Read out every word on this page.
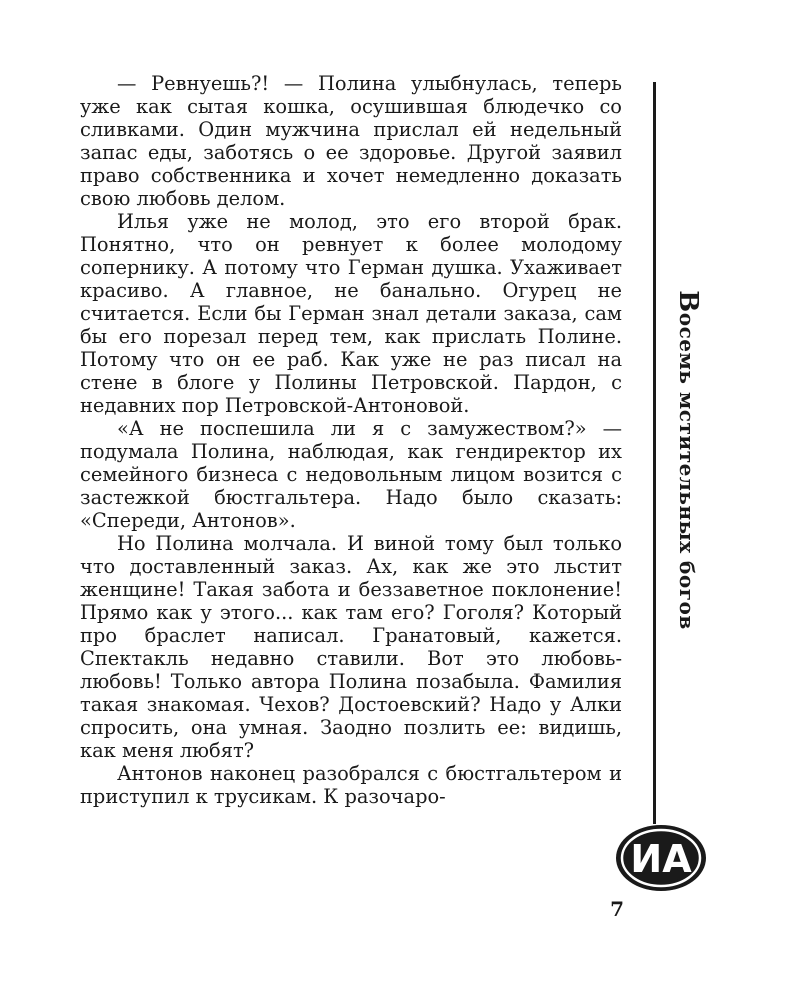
— Ревнуешь?! — Полина улыбнулась, теперь уже как сытая кошка, осушившая блюдечко со сливками. Один мужчина прислал ей недельный запас еды, заботясь о ее здоровье. Другой заявил право собственника и хочет немедленно доказать свою любовь делом.

Илья уже не молод, это его второй брак. Понятно, что он ревнует к более молодому сопернику. А потому что Герман душка. Ухаживает красиво. А главное, не банально. Огурец не считается. Если бы Герман знал детали заказа, сам бы его порезал перед тем, как прислать Полине. Потому что он ее раб. Как уже не раз писал на стене в блоге у Полины Петровской. Пардон, с недавних пор Петровской-Антоновой.

«А не поспешила ли я с замужеством?» — подумала Полина, наблюдая, как гендиректор их семейного бизнеса с недовольным лицом возится с застежкой бюстгальтера. Надо было сказать: «Спереди, Антонов».

Но Полина молчала. И виной тому был только что доставленный заказ. Ах, как же это льстит женщине! Такая забота и беззаветное поклонение! Прямо как у этого... как там его? Гоголя? Который про браслет написал. Гранатовый, кажется. Спектакль недавно ставили. Вот это любовь-любовь! Только автора Полина позабыла. Фамилия такая знакомая. Чехов? Достоевский? Надо у Алки спросить, она умная. Заодно позлить ее: видишь, как меня любят?

Антонов наконец разобрался с бюстгальтером и приступил к трусикам. К разочаро-

Восемь мстительных богов
ИА
7
